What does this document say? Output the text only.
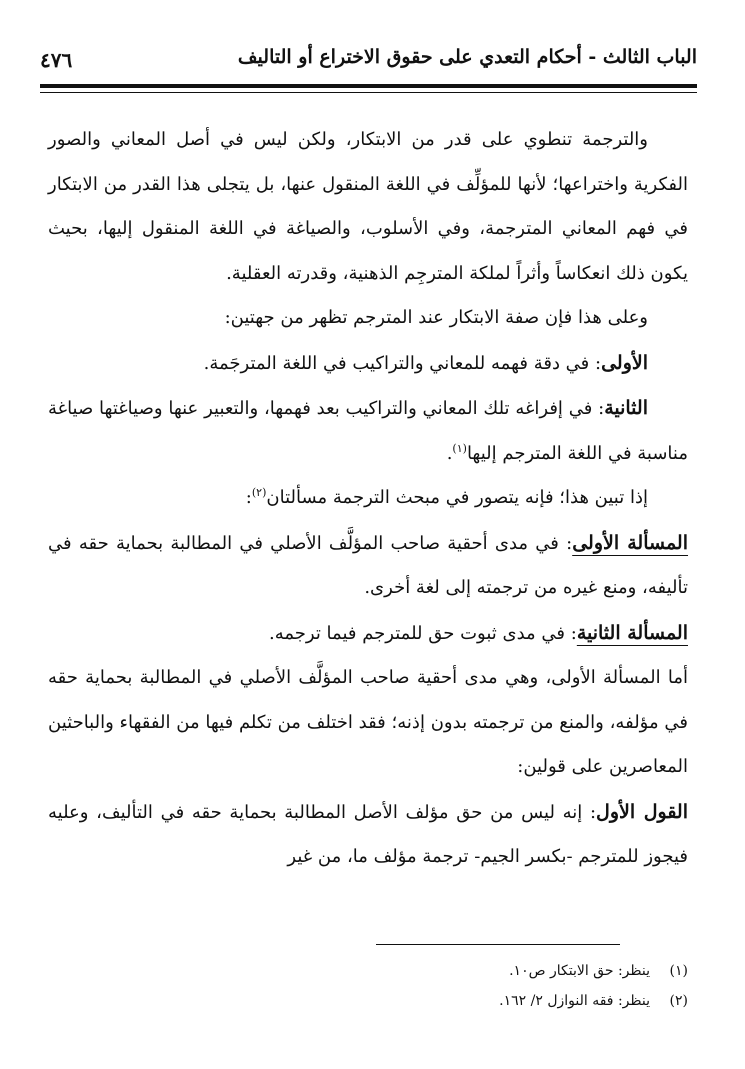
الباب الثالث - أحكام التعدي على حقوق الاختراع أو التاليف
٤٧٦

والترجمة تنطوي على قدر من الابتكار، ولكن ليس في أصل المعاني والصور الفكرية واختراعها؛ لأنها للمؤلِّف في اللغة المنقول عنها، بل يتجلى هذا القدر من الابتكار في فهم المعاني المترجمة، وفي الأسلوب، والصياغة في اللغة المنقول إليها، بحيث يكون ذلك انعكاساً وأثراً لملكة المترجِم الذهنية، وقدرته العقلية.

وعلى هذا فإن صفة الابتكار عند المترجم تظهر من جهتين:

الأولى: في دقة فهمه للمعاني والتراكيب في اللغة المترجَمة.

الثانية: في إفراغه تلك المعاني والتراكيب بعد فهمها، والتعبير عنها وصياغتها صياغة مناسبة في اللغة المترجم إليها$^{(١)}$.

إذا تبين هذا؛ فإنه يتصور في مبحث الترجمة مسألتان$^{(٢)}$:

المسألة الأولى: في مدى أحقية صاحب المؤلَّف الأصلي في المطالبة بحماية حقه في تأليفه، ومنع غيره من ترجمته إلى لغة أخرى.

المسألة الثانية: في مدى ثبوت حق للمترجم فيما ترجمه.

أما المسألة الأولى، وهي مدى أحقية صاحب المؤلَّف الأصلي في المطالبة بحماية حقه في مؤلفه، والمنع من ترجمته بدون إذنه؛ فقد اختلف من تكلم فيها من الفقهاء والباحثين المعاصرين على قولين:

القول الأول: إنه ليس من حق مؤلف الأصل المطالبة بحماية حقه في التأليف، وعليه فيجوز للمترجم -بكسر الجيم- ترجمة مؤلف ما، من غير

(١)ينظر: حق الابتكار ص١٠.
(٢)ينظر: فقه النوازل ٢/ ١٦٢.
